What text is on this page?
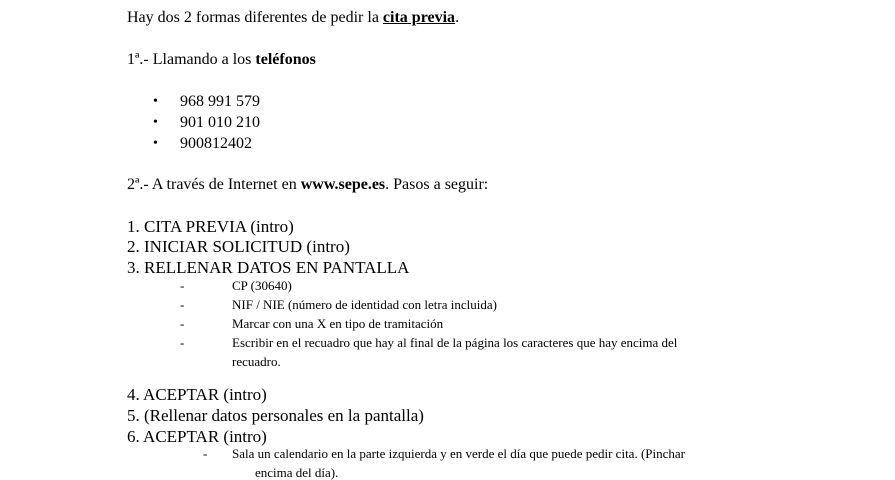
Hay dos 2 formas diferentes de pedir la cita previa.
1ª.- Llamando a los teléfonos
• 968 991 579
• 901 010 210
• 900812402
2ª.- A través de Internet en www.sepe.es. Pasos a seguir:
1. CITA PREVIA (intro)
2. INICIAR SOLICITUD (intro)
3. RELLENAR DATOS EN PANTALLA
-	CP (30640)
-	NIF / NIE (número de identidad con letra incluida)
-	Marcar con una X en tipo de tramitación
-	Escribir en el recuadro que hay al final de la página los caracteres que hay encima del
recuadro.
4. ACEPTAR (intro)
5. (Rellenar datos personales en la pantalla)
6. ACEPTAR (intro)
- Sala un calendario en la parte izquierda y en verde el día que puede pedir cita. (Pinchar
encima del día).
